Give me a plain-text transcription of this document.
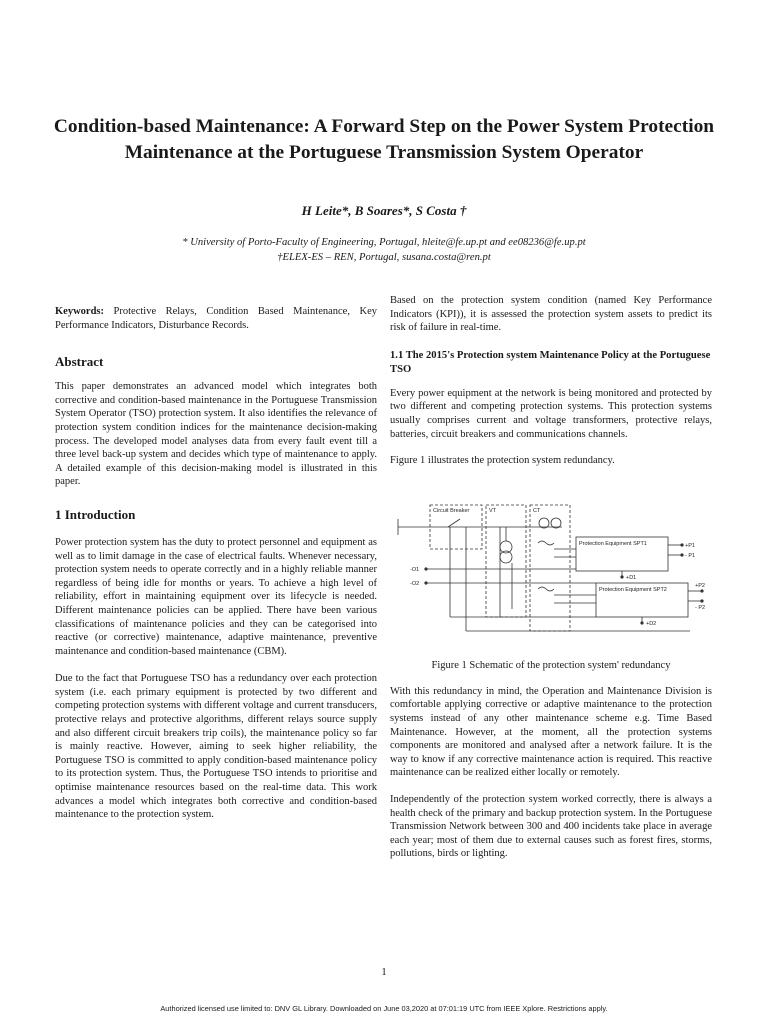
Condition-based Maintenance: A Forward Step on the Power System Protection Maintenance at the Portuguese Transmission System Operator
H Leite*, B Soares*, S Costa †
* University of Porto-Faculty of Engineering, Portugal, hleite@fe.up.pt and ee08236@fe.up.pt
†ELEX-ES – REN, Portugal, susana.costa@ren.pt

Keywords: Protective Relays, Condition Based Maintenance, Key Performance Indicators, Disturbance Records.

Abstract

This paper demonstrates an advanced model which integrates both corrective and condition-based maintenance in the Portuguese Transmission System Operator (TSO) protection system. It also identifies the relevance of protection system condition indices for the maintenance decision-making process. The developed model analyses data from every fault event till a three level back-up system and decides which type of maintenance to apply. A detailed example of this decision-making model is illustrated in this paper.

1 Introduction

Power protection system has the duty to protect personnel and equipment as well as to limit damage in the case of electrical faults. Whenever necessary, protection system needs to operate correctly and in a highly reliable manner regardless of being idle for months or years. To achieve a high level of reliability, effort in maintaining equipment over its lifecycle is needed. Different maintenance policies can be applied. There have been various classifications of maintenance policies and they can be categorised into reactive (or corrective) maintenance, adaptive maintenance, preventive maintenance and condition-based maintenance (CBM).

Due to the fact that Portuguese TSO has a redundancy over each protection system (i.e. each primary equipment is protected by two different and competing protection systems with different voltage and current transducers, protective relays and protective algorithms, different relays source supply and also different circuit breakers trip coils), the maintenance policy so far is mainly reactive. However, aiming to seek higher reliability, the Portuguese TSO is committed to apply condition-based maintenance policy to its protection system. Thus, the Portuguese TSO intends to prioritise and optimise maintenance resources based on the real-time data. This work advances a model which integrates both corrective and condition-based maintenance to the protection system.

Based on the protection system condition (named Key Performance Indicators (KPI)), it is assessed the protection system assets to predict its risk of failure in real-time.

1.1 The 2015's Protection system Maintenance Policy at the Portuguese TSO

Every power equipment at the network is being monitored and protected by two different and competing protection systems. This protection systems usually comprises current and voltage transformers, protective relays, batteries, circuit breakers and communications channels.

Figure 1 illustrates the protection system redundancy.

Circuit Breaker	VT	CT
Protection Equipment SPT1
Protection Equipment SPT2
+P1
- P1
+P2
- P2
+D1
+D2
-O1
-O2
Figure 1 Schematic of the protection system' redundancy

With this redundancy in mind, the Operation and Maintenance Division is comfortable applying corrective or adaptive maintenance to the protection systems instead of any other maintenance scheme e.g. Time Based Maintenance. However, at the moment, all the protection systems components are monitored and analysed after a network failure. It is the way to know if any corrective maintenance action is required. This reactive maintenance can be realized either locally or remotely.

Independently of the protection system worked correctly, there is always a health check of the primary and backup protection system. In the Portuguese Transmission Network between 300 and 400 incidents take place in average each year; most of them due to external causes such as forest fires, storms, pollutions, birds or lighting.

1
Authorized licensed use limited to: DNV GL Library. Downloaded on June 03,2020 at 07:01:19 UTC from IEEE Xplore. Restrictions apply.
